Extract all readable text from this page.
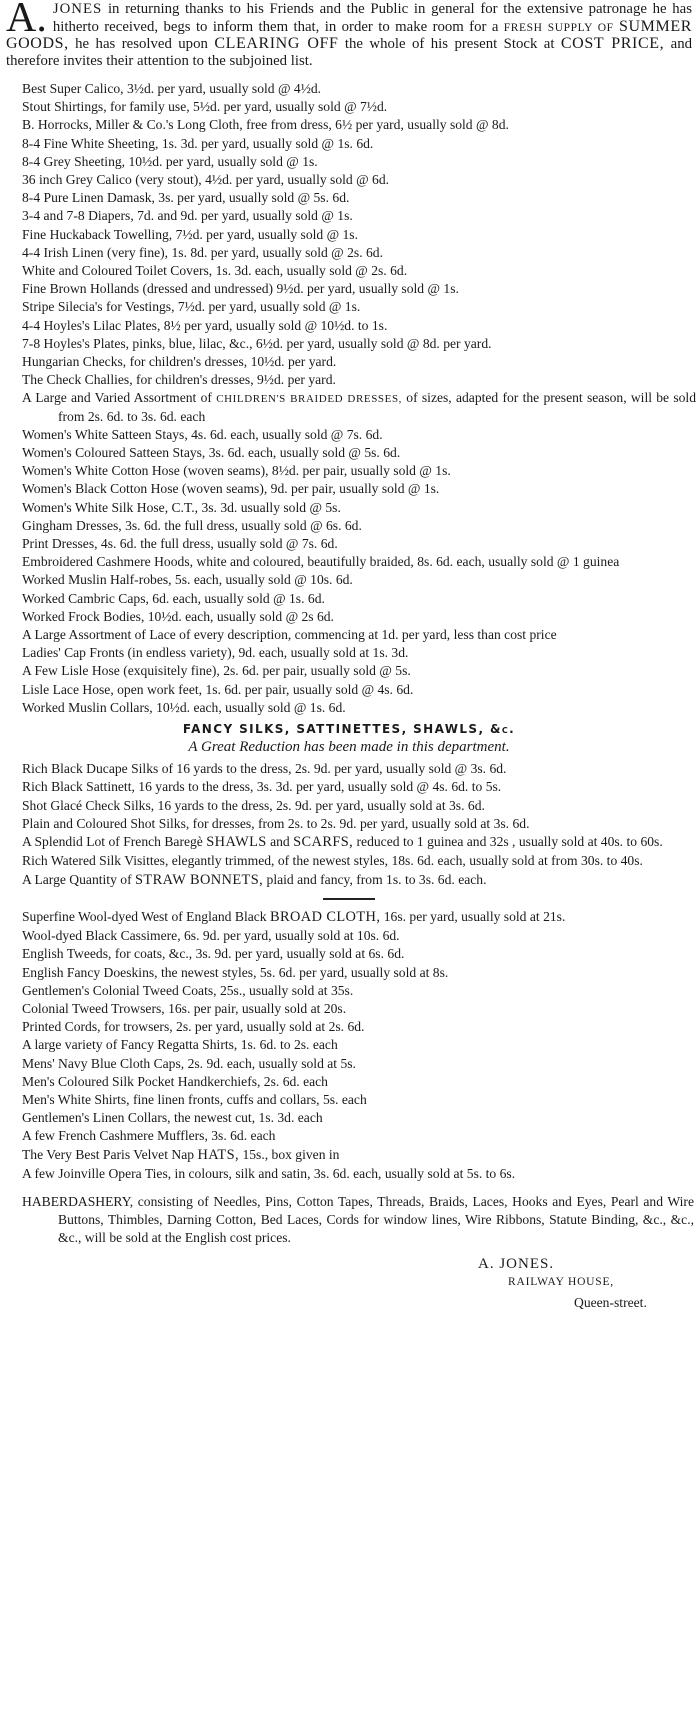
A. JONES in returning thanks to his Friends and the Public in general for the extensive patronage he has hitherto received, begs to inform them that, in order to make room for a FRESH SUPPLY OF SUMMER GOODS, he has resolved upon CLEARING OFF the whole of his present Stock at COST PRICE, and therefore invites their attention to the subjoined list.
Best Super Calico, 3½d. per yard, usually sold @ 4½d.
Stout Shirtings, for family use, 5½d. per yard, usually sold @ 7½d.
B. Horrocks, Miller & Co.'s Long Cloth, free from dress, 6½ per yard, usually sold @ 8d.
8-4 Fine White Sheeting, 1s. 3d. per yard, usually sold @ 1s. 6d.
8-4 Grey Sheeting, 10½d. per yard, usually sold @ 1s.
36 inch Grey Calico (very stout), 4½d. per yard, usually sold @ 6d.
8-4 Pure Linen Damask, 3s. per yard, usually sold @ 5s. 6d.
3-4 and 7-8 Diapers, 7d. and 9d. per yard, usually sold @ 1s.
Fine Huckaback Towelling, 7½d. per yard, usually sold @ 1s.
4-4 Irish Linen (very fine), 1s. 8d. per yard, usually sold @ 2s. 6d.
White and Coloured Toilet Covers, 1s. 3d. each, usually sold @ 2s. 6d.
Fine Brown Hollands (dressed and undressed) 9½d. per yard, usually sold @ 1s.
Stripe Silecia's for Vestings, 7½d. per yard, usually sold @ 1s.
4-4 Hoyles's Lilac Plates, 8½ per yard, usually sold @ 10½d. to 1s.
7-8 Hoyles's Plates, pinks, blue, lilac, &c., 6½d. per yard, usually sold @ 8d. per yard.
Hungarian Checks, for children's dresses, 10½d. per yard.
The Check Challies, for children's dresses, 9½d. per yard.
A Large and Varied Assortment of CHILDREN'S BRAIDED DRESSES, of sizes, adapted for the present season, will be sold from 2s. 6d. to 3s. 6d. each
Women's White Satteen Stays, 4s. 6d. each, usually sold @ 7s. 6d.
Women's Coloured Satteen Stays, 3s. 6d. each, usually sold @ 5s. 6d.
Women's White Cotton Hose (woven seams), 8½d. per pair, usually sold @ 1s.
Women's Black Cotton Hose (woven seams), 9d. per pair, usually sold @ 1s.
Women's White Silk Hose, C.T., 3s. 3d. usually sold @ 5s.
Gingham Dresses, 3s. 6d. the full dress, usually sold @ 6s. 6d.
Print Dresses, 4s. 6d. the full dress, usually sold @ 7s. 6d.
Embroidered Cashmere Hoods, white and coloured, beautifully braided, 8s. 6d. each, usually sold @ 1 guinea
Worked Muslin Half-robes, 5s. each, usually sold @ 10s. 6d.
Worked Cambric Caps, 6d. each, usually sold @ 1s. 6d.
Worked Frock Bodies, 10½d. each, usually sold @ 2s 6d.
A Large Assortment of Lace of every description, commencing at 1d. per yard, less than cost price
Ladies' Cap Fronts (in endless variety), 9d. each, usually sold at 1s. 3d.
A Few Lisle Hose (exquisitely fine), 2s. 6d. per pair, usually sold @ 5s.
Lisle Lace Hose, open work feet, 1s. 6d. per pair, usually sold @ 4s. 6d.
Worked Muslin Collars, 10½d. each, usually sold @ 1s. 6d.
FANCY SILKS, SATTINETTES, SHAWLS, &c.
A Great Reduction has been made in this department.
Rich Black Ducape Silks of 16 yards to the dress, 2s. 9d. per yard, usually sold @ 3s. 6d.
Rich Black Sattinett, 16 yards to the dress, 3s. 3d. per yard, usually sold @ 4s. 6d. to 5s.
Shot Glacé Check Silks, 16 yards to the dress, 2s. 9d. per yard, usually sold at 3s. 6d.
Plain and Coloured Shot Silks, for dresses, from 2s. to 2s. 9d. per yard, usually sold at 3s. 6d.
A Splendid Lot of French Baregè SHAWLS and SCARFS, reduced to 1 guinea and 32s , usually sold at 40s. to 60s.
Rich Watered Silk Visittes, elegantly trimmed, of the newest styles, 18s. 6d. each, usually sold at from 30s. to 40s.
A Large Quantity of STRAW BONNETS, plaid and fancy, from 1s. to 3s. 6d. each.
Superfine Wool-dyed West of England Black BROAD CLOTH, 16s. per yard, usually sold at 21s.
Wool-dyed Black Cassimere, 6s. 9d. per yard, usually sold at 10s. 6d.
English Tweeds, for coats, &c., 3s. 9d. per yard, usually sold at 6s. 6d.
English Fancy Doeskins, the newest styles, 5s. 6d. per yard, usually sold at 8s.
Gentlemen's Colonial Tweed Coats, 25s., usually sold at 35s.
Colonial Tweed Trowsers, 16s. per pair, usually sold at 20s.
Printed Cords, for trowsers, 2s. per yard, usually sold at 2s. 6d.
A large variety of Fancy Regatta Shirts, 1s. 6d. to 2s. each
Mens' Navy Blue Cloth Caps, 2s. 9d. each, usually sold at 5s.
Men's Coloured Silk Pocket Handkerchiefs, 2s. 6d. each
Men's White Shirts, fine linen fronts, cuffs and collars, 5s. each
Gentlemen's Linen Collars, the newest cut, 1s. 3d. each
A few French Cashmere Mufflers, 3s. 6d. each
The Very Best Paris Velvet Nap HATS, 15s., box given in
A few Joinville Opera Ties, in colours, silk and satin, 3s. 6d. each, usually sold at 5s. to 6s.
HABERDASHERY, consisting of Needles, Pins, Cotton Tapes, Threads, Braids, Laces, Hooks and Eyes, Pearl and Wire Buttons, Thimbles, Darning Cotton, Bed Laces, Cords for window lines, Wire Ribbons, Statute Binding, &c., &c., &c., will be sold at the English cost prices.
A. JONES.
RAILWAY HOUSE,
Queen-street.
